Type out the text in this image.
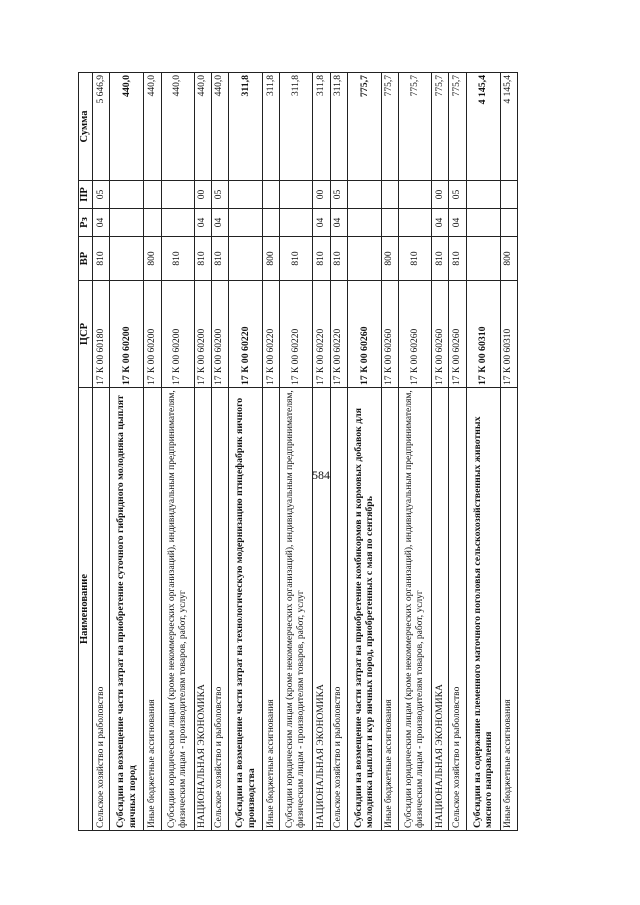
584
Наименование	ЦСР	ВР	Рз	ПР	Сумма
Сельское хозяйство и рыболовство	17 К 00 60180	810	04	05	5 646,9
Субсидии на возмещение части затрат на приобретение суточного гибридного молодняка цыплят яичных пород	17 К 00 60200				440,0
Иные бюджетные ассигнования	17 К 00 60200	800			440,0
Субсидии юридическим лицам (кроме некоммерческих организаций), индивидуальным предпринимателям, физическим лицам - производителям товаров, работ, услуг	17 К 00 60200	810			440,0
НАЦИОНАЛЬНАЯ ЭКОНОМИКА	17 К 00 60200	810	04	00	440,0
Сельское хозяйство и рыболовство	17 К 00 60200	810	04	05	440,0
Субсидии на возмещение части затрат на технологическую модернизацию птицефабрик яичного производства	17 К 00 60220				311,8
Иные бюджетные ассигнования	17 К 00 60220	800			311,8
Субсидии юридическим лицам (кроме некоммерческих организаций), индивидуальным предпринимателям, физическим лицам - производителям товаров, работ, услуг	17 К 00 60220	810			311,8
НАЦИОНАЛЬНАЯ ЭКОНОМИКА	17 К 00 60220	810	04	00	311,8
Сельское хозяйство и рыболовство	17 К 00 60220	810	04	05	311,8
Субсидии на возмещение части затрат на приобретение комбикормов и кормовых добавок для молодняка цыплят и кур яичных пород, приобретенных с мая по сентябрь	17 К 00 60260				775,7
Иные бюджетные ассигнования	17 К 00 60260	800			775,7
Субсидии юридическим лицам (кроме некоммерческих организаций), индивидуальным предпринимателям, физическим лицам - производителям товаров, работ, услуг	17 К 00 60260	810			775,7
НАЦИОНАЛЬНАЯ ЭКОНОМИКА	17 К 00 60260	810	04	00	775,7
Сельское хозяйство и рыболовство	17 К 00 60260	810	04	05	775,7
Субсидии на содержание племенного маточного поголовья сельскохозяйственных животных мясного направления	17 К 00 60310				4 145,4
Иные бюджетные ассигнования	17 К 00 60310	800			4 145,4
